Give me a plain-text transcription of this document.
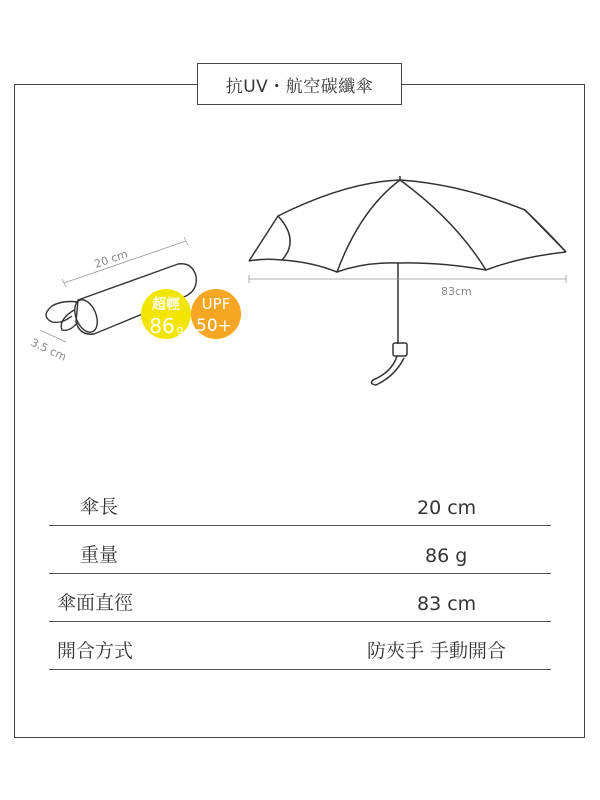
抗UV・航空碳纖傘
20 cm
3.5 cm
超輕
86 g
UPF
50+
83cm
傘長	20 cm
重量	86 g
傘面直徑	83 cm
開合方式	防夾手 手動開合
